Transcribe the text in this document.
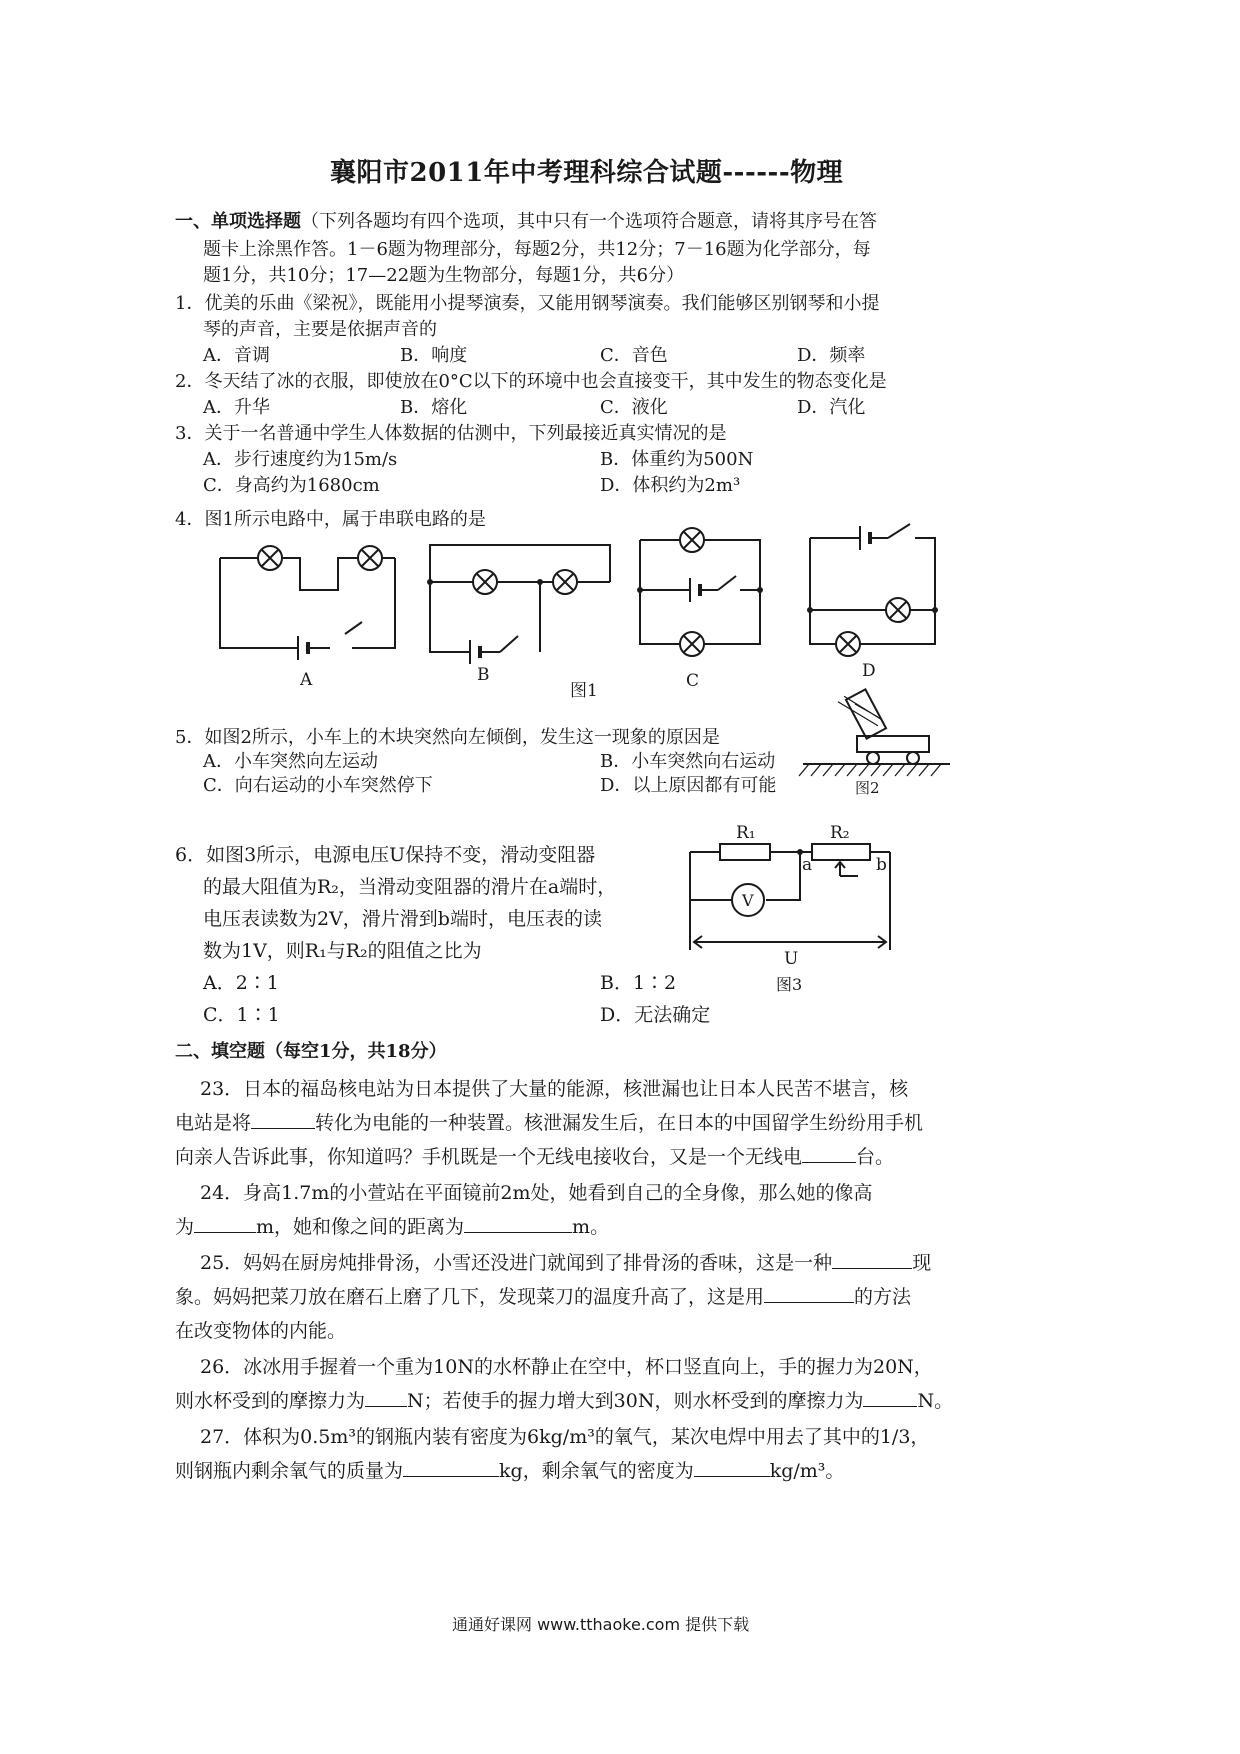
襄阳市2011年中考理科综合试题------物理
一、单项选择题（下列各题均有四个选项，其中只有一个选项符合题意，请将其序号在答
题卡上涂黑作答。1－6题为物理部分，每题2分，共12分；7－16题为化学部分，每
题1分，共10分；17—22题为生物部分，每题1分，共6分）
1．优美的乐曲《梁祝》，既能用小提琴演奏，又能用钢琴演奏。我们能够区别钢琴和小提
琴的声音，主要是依据声音的
A．音调	B．响度	C．音色	D．频率
2．冬天结了冰的衣服，即使放在0°C以下的环境中也会直接变干，其中发生的物态变化是
A．升华	B．熔化	C．液化	D．汽化
3．关于一名普通中学生人体数据的估测中，下列最接近真实情况的是
A．步行速度约为15m/s	B．体重约为500N
C．身高约为1680cm	D．体积约为2m³
4．图1所示电路中，属于串联电路的是
A	B	C	D
图1
5．如图2所示，小车上的木块突然向左倾倒，发生这一现象的原因是
A．小车突然向左运动	B．小车突然向右运动
C．向右运动的小车突然停下	D．以上原因都有可能	图2
6．如图3所示，电源电压U保持不变，滑动变阻器
的最大阻值为R₂，当滑动变阻器的滑片在a端时，
电压表读数为2V，滑片滑到b端时，电压表的读
数为1V，则R₁与R₂的阻值之比为
A．2∶1	B．1∶2
C．1∶1	D．无法确定
R₁	R₂
a	b
V
U
图3
二、填空题（每空1分，共18分）
23．日本的福岛核电站为日本提供了大量的能源，核泄漏也让日本人民苦不堪言，核
电站是将	转化为电能的一种装置。核泄漏发生后，在日本的中国留学生纷纷用手机
向亲人告诉此事，你知道吗？手机既是一个无线电接收台，又是一个无线电	台。
24．身高1.7m的小萱站在平面镜前2m处，她看到自己的全身像，那么她的像高
为	m，她和像之间的距离为	m。
25．妈妈在厨房炖排骨汤，小雪还没进门就闻到了排骨汤的香味，这是一种	现
象。妈妈把菜刀放在磨石上磨了几下，发现菜刀的温度升高了，这是用	的方法
在改变物体的内能。
26．冰冰用手握着一个重为10N的水杯静止在空中，杯口竖直向上，手的握力为20N，
则水杯受到的摩擦力为 N；若使手的握力增大到30N，则水杯受到的摩擦力为	N。
27．体积为0.5m³的钢瓶内装有密度为6kg/m³的氧气，某次电焊中用去了其中的1/3，
则钢瓶内剩余氧气的质量为	kg，剩余氧气的密度为	kg/m³。
通通好课网 www.tthaoke.com 提供下载
